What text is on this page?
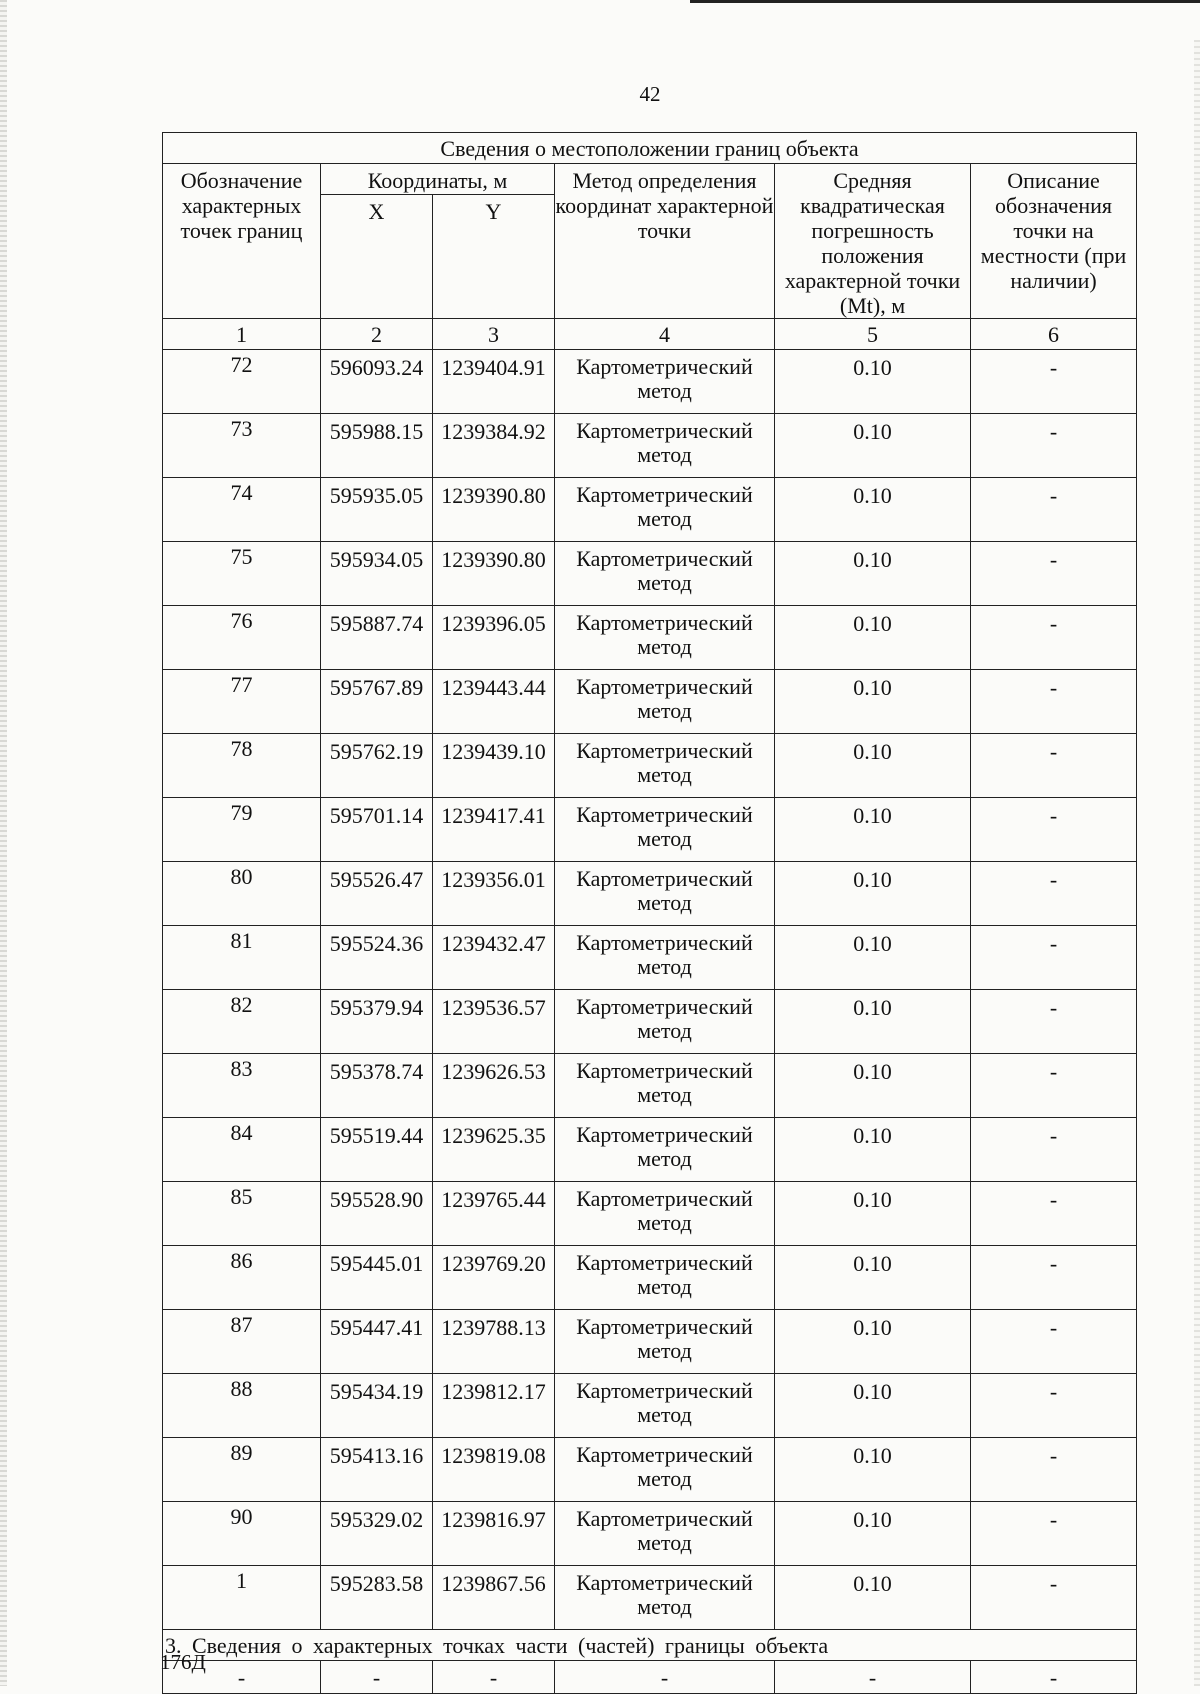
42
Сведения о местоположении границ объекта					
Обозначение характерных точек границ	Координаты, м		Метод определения координат характерной точки	Средняя квадратическая погрешность положения характерной точки (Mt), м	Описание обозначения точки на местности (при наличии)
	X	Y			
1	2	3	4	5	6
72	596093.24	1239404.91	Картометрический метод	0.10	-
73	595988.15	1239384.92	Картометрический метод	0.10	-
74	595935.05	1239390.80	Картометрический метод	0.10	-
75	595934.05	1239390.80	Картометрический метод	0.10	-
76	595887.74	1239396.05	Картометрический метод	0.10	-
77	595767.89	1239443.44	Картометрический метод	0.10	-
78	595762.19	1239439.10	Картометрический метод	0.10	-
79	595701.14	1239417.41	Картометрический метод	0.10	-
80	595526.47	1239356.01	Картометрический метод	0.10	-
81	595524.36	1239432.47	Картометрический метод	0.10	-
82	595379.94	1239536.57	Картометрический метод	0.10	-
83	595378.74	1239626.53	Картометрический метод	0.10	-
84	595519.44	1239625.35	Картометрический метод	0.10	-
85	595528.90	1239765.44	Картометрический метод	0.10	-
86	595445.01	1239769.20	Картометрический метод	0.10	-
87	595447.41	1239788.13	Картометрический метод	0.10	-
88	595434.19	1239812.17	Картометрический метод	0.10	-
89	595413.16	1239819.08	Картометрический метод	0.10	-
90	595329.02	1239816.97	Картометрический метод	0.10	-
1	595283.58	1239867.56	Картометрический метод	0.10	-
3. Сведения о характерных точках части (частей) границы объекта					
-	-	-	-	-	-
176Д
